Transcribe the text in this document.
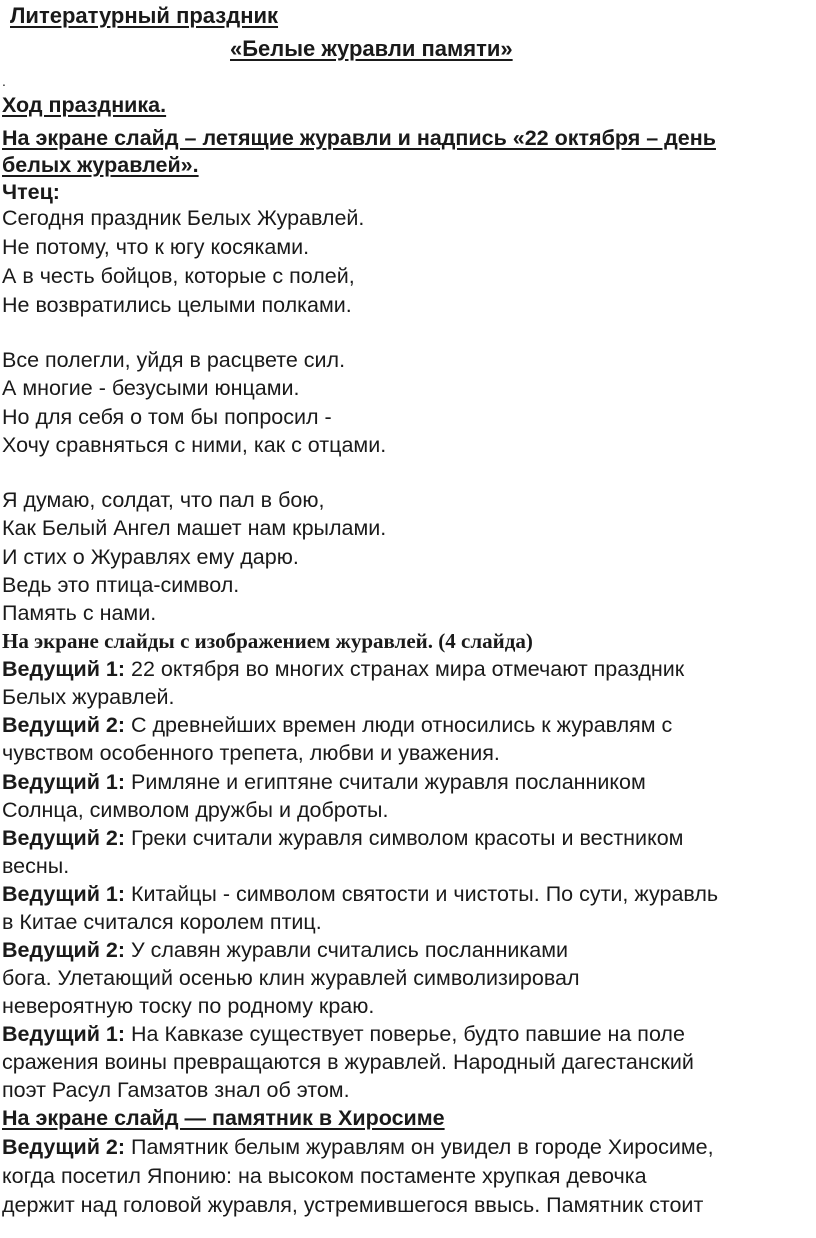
Литературный праздник
«Белые журавли памяти»
.
Ход праздника.
На экране слайд – летящие журавли и надпись «22 октября – день
белых журавлей».
Чтец:
Сегодня праздник Белых Журавлей.
Не потому, что к югу косяками.
А в честь бойцов, которые с полей,
Не возвратились целыми полками.
Все полегли, уйдя в расцвете сил.
А многие - безусыми юнцами.
Но для себя о том бы попросил -
Хочу сравняться с ними, как с отцами.
Я думаю, солдат, что пал в бою,
Как Белый Ангел машет нам крылами.
И стих о Журавлях ему дарю.
Ведь это птица-символ.
Память с нами.
На экране слайды с изображением журавлей. (4 слайда)
Ведущий 1: 22 октября во многих странах мира отмечают праздник
Белых журавлей.
Ведущий 2: С древнейших времен люди относились к журавлям с
чувством особенного трепета, любви и уважения.
Ведущий 1: Римляне и египтяне считали журавля посланником
Солнца, символом дружбы и доброты.
Ведущий 2: Греки считали журавля символом красоты и вестником
весны.
Ведущий 1: Китайцы - символом святости и чистоты. По сути, журавль
в Китае считался королем птиц.
Ведущий 2: У славян журавли считались посланниками
бога. Улетающий осенью клин журавлей символизировал
невероятную тоску по родному краю.
Ведущий 1: На Кавказе существует поверье, будто павшие на поле
сражения воины превращаются в журавлей. Народный дагестанский
поэт Расул Гамзатов знал об этом.
На экране слайд — памятник в Хиросиме
Ведущий 2: Памятник белым журавлям он увидел в городе Хиросиме,
когда посетил Японию: на высоком постаменте хрупкая девочка
держит над головой журавля, устремившегося ввысь. Памятник стоит
